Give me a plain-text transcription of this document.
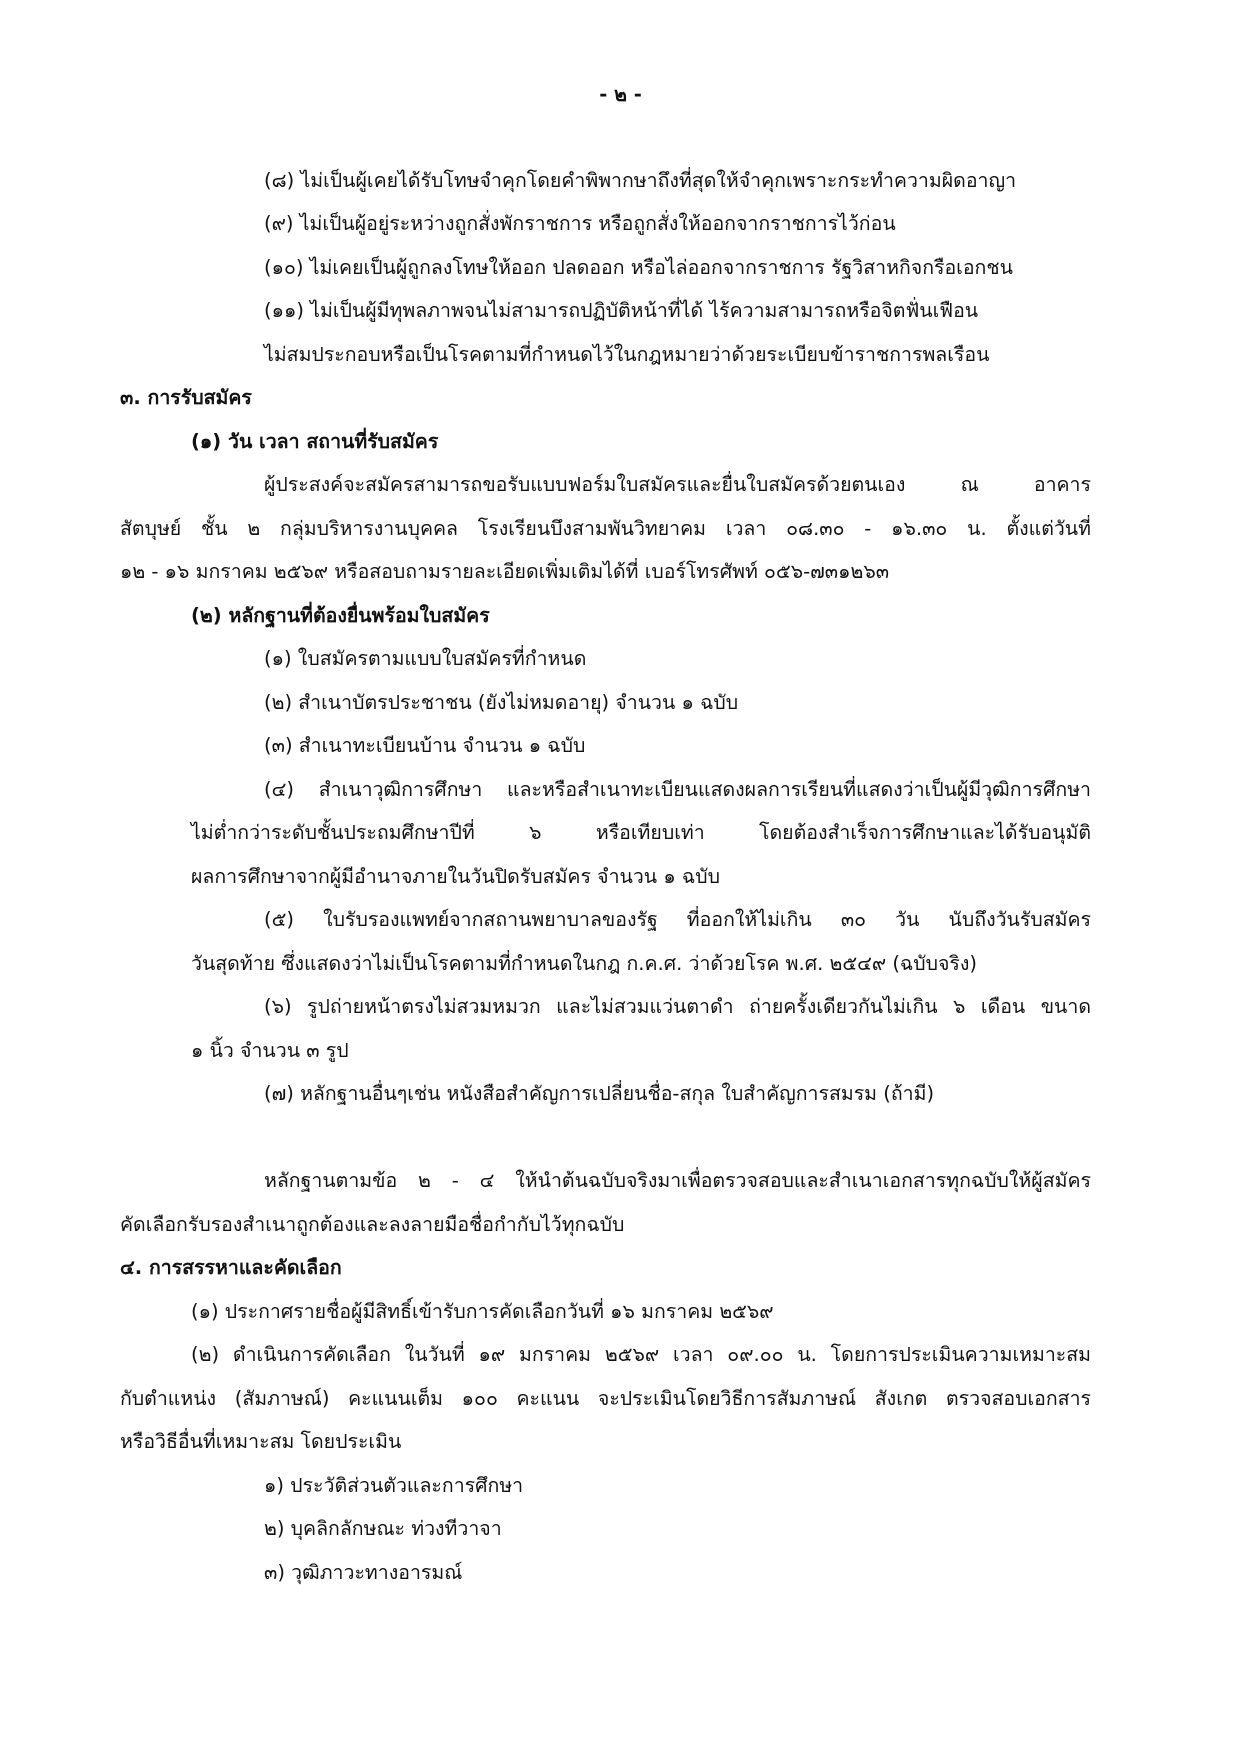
- ๒ -
(๘) ไม่เป็นผู้เคยได้รับโทษจำคุกโดยคำพิพากษาถึงที่สุดให้จำคุกเพราะกระทำความผิดอาญา
(๙) ไม่เป็นผู้อยู่ระหว่างถูกสั่งพักราชการ หรือถูกสั่งให้ออกจากราชการไว้ก่อน
(๑๐) ไม่เคยเป็นผู้ถูกลงโทษให้ออก ปลดออก หรือไล่ออกจากราชการ รัฐวิสาหกิจกรือเอกชน
(๑๑) ไม่เป็นผู้มีทุพลภาพจนไม่สามารถปฏิบัติหน้าที่ได้ ไร้ความสามารถหรือจิตฟั่นเฟือน
ไม่สมประกอบหรือเป็นโรคตามที่กำหนดไว้ในกฎหมายว่าด้วยระเบียบข้าราชการพลเรือน
๓. การรับสมัคร
(๑) วัน เวลา สถานที่รับสมัคร
ผู้ประสงค์จะสมัครสามารถขอรับแบบฟอร์มใบสมัครและยื่นใบสมัครด้วยตนเอง ณ อาคาร
สัตบุษย์ ชั้น ๒ กลุ่มบริหารงานบุคคล โรงเรียนบึงสามพันวิทยาคม เวลา ๐๘.๓๐ - ๑๖.๓๐ น. ตั้งแต่วันที่
๑๒ - ๑๖ มกราคม ๒๕๖๙ หรือสอบถามรายละเอียดเพิ่มเติมได้ที่ เบอร์โทรศัพท์ ๐๕๖-๗๓๑๒๖๓
(๒) หลักฐานที่ต้องยื่นพร้อมใบสมัคร
(๑) ใบสมัครตามแบบใบสมัครที่กำหนด
(๒) สำเนาบัตรประชาชน (ยังไม่หมดอายุ) จำนวน ๑ ฉบับ
(๓) สำเนาทะเบียนบ้าน จำนวน ๑ ฉบับ
(๔) สำเนาวุฒิการศึกษา และหรือสำเนาทะเบียนแสดงผลการเรียนที่แสดงว่าเป็นผู้มีวุฒิการศึกษา
ไม่ต่ำกว่าระดับชั้นประถมศึกษาปีที่ ๖ หรือเทียบเท่า โดยต้องสำเร็จการศึกษาและได้รับอนุมัติ
ผลการศึกษาจากผู้มีอำนาจภายในวันปิดรับสมัคร จำนวน ๑ ฉบับ
(๕) ใบรับรองแพทย์จากสถานพยาบาลของรัฐ ที่ออกให้ไม่เกิน ๓๐ วัน นับถึงวันรับสมัคร
วันสุดท้าย ซึ่งแสดงว่าไม่เป็นโรคตามที่กำหนดในกฎ ก.ค.ศ. ว่าด้วยโรค พ.ศ. ๒๕๔๙ (ฉบับจริง)
(๖) รูปถ่ายหน้าตรงไม่สวมหมวก และไม่สวมแว่นตาดำ ถ่ายครั้งเดียวกันไม่เกิน ๖ เดือน ขนาด
๑ นิ้ว จำนวน ๓ รูป
(๗) หลักฐานอื่นๆเช่น หนังสือสำคัญการเปลี่ยนชื่อ-สกุล ใบสำคัญการสมรม (ถ้ามี)
หลักฐานตามข้อ ๒ - ๔ ให้นำต้นฉบับจริงมาเพื่อตรวจสอบและสำเนาเอกสารทุกฉบับให้ผู้สมัคร
คัดเลือกรับรองสำเนาถูกต้องและลงลายมือชื่อกำกับไว้ทุกฉบับ
๔. การสรรหาและคัดเลือก
(๑) ประกาศรายชื่อผู้มีสิทธิ์เข้ารับการคัดเลือกวันที่ ๑๖ มกราคม ๒๕๖๙
(๒) ดำเนินการคัดเลือก ในวันที่ ๑๙ มกราคม ๒๕๖๙ เวลา ๐๙.๐๐ น. โดยการประเมินความเหมาะสม
กับตำแหน่ง (สัมภาษณ์) คะแนนเต็ม ๑๐๐ คะแนน จะประเมินโดยวิธีการสัมภาษณ์ สังเกต ตรวจสอบเอกสาร
หรือวิธีอื่นที่เหมาะสม โดยประเมิน
๑) ประวัติส่วนตัวและการศึกษา
๒) บุคลิกลักษณะ ท่วงทีวาจา
๓) วุฒิภาวะทางอารมณ์
